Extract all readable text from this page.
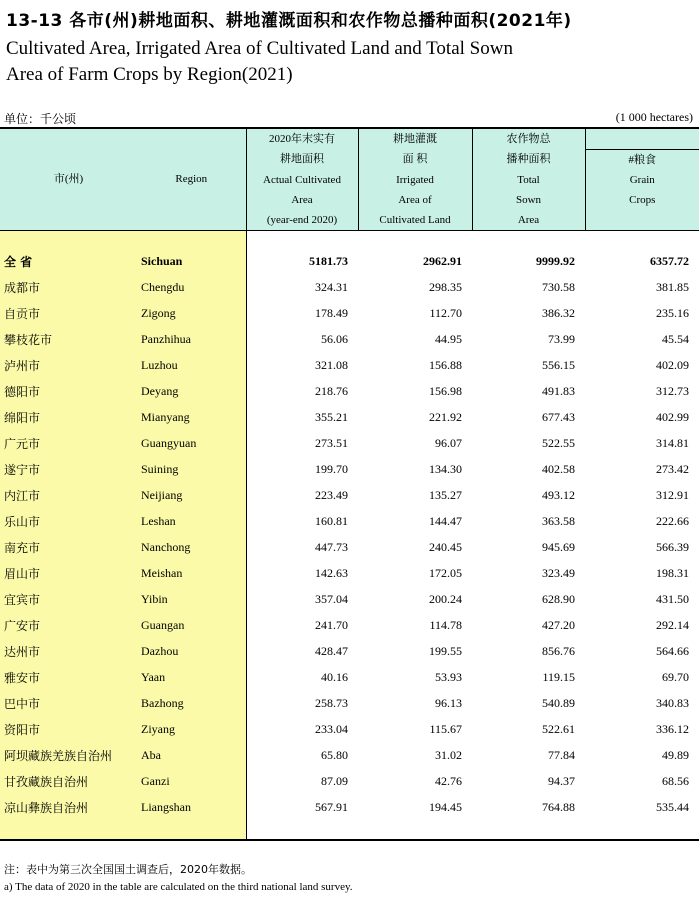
13-13 各市(州)耕地面积、耕地灌溉面积和农作物总播种面积(2021年)
Cultivated Area, Irrigated Area of Cultivated Land and Total Sown
Area of Farm Crops by Region(2021)
单位：千公顷	(1 000 hectares)
市(州)	Region	2020年末实有	耕地灌溉	农作物总	
		耕地面积	面 积	播种面积	#粮食
		Actual Cultivated	Irrigated	Total	Grain
		Area	Area of	Sown	Crops
		(year-end 2020)	Cultivated Land	Area	

全 省	Sichuan	5181.73	2962.91	9999.92	6357.72
成都市	Chengdu	324.31	298.35	730.58	381.85
自贡市	Zigong	178.49	112.70	386.32	235.16
攀枝花市	Panzhihua	56.06	44.95	73.99	45.54
泸州市	Luzhou	321.08	156.88	556.15	402.09
德阳市	Deyang	218.76	156.98	491.83	312.73
绵阳市	Mianyang	355.21	221.92	677.43	402.99
广元市	Guangyuan	273.51	96.07	522.55	314.81
遂宁市	Suining	199.70	134.30	402.58	273.42
内江市	Neijiang	223.49	135.27	493.12	312.91
乐山市	Leshan	160.81	144.47	363.58	222.66
南充市	Nanchong	447.73	240.45	945.69	566.39
眉山市	Meishan	142.63	172.05	323.49	198.31
宜宾市	Yibin	357.04	200.24	628.90	431.50
广安市	Guangan	241.70	114.78	427.20	292.14
达州市	Dazhou	428.47	199.55	856.76	564.66
雅安市	Yaan	40.16	53.93	119.15	69.70
巴中市	Bazhong	258.73	96.13	540.89	340.83
资阳市	Ziyang	233.04	115.67	522.61	336.12
阿坝藏族羌族自治州	Aba	65.80	31.02	77.84	49.89
甘孜藏族自治州	Ganzi	87.09	42.76	94.37	68.56
凉山彝族自治州	Liangshan	567.91	194.45	764.88	535.44

注：表中为第三次全国国土调查后，2020年数据。
a) The data of 2020 in the table are calculated on the third national land survey.
